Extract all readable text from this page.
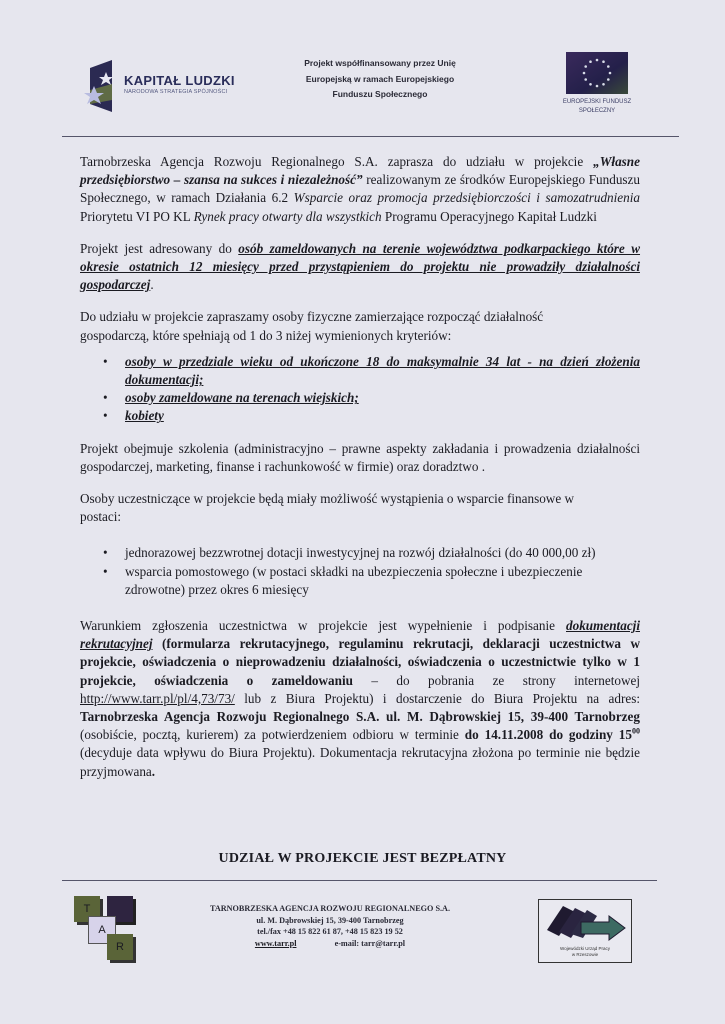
KAPITAŁ LUDZKI
NARODOWA STRATEGIA SPÓJNOŚCI
Projekt współfinansowany przez Unię
Europejską w ramach Europejskiego
Funduszu Społecznego
EUROPEJSKI FUNDUSZ
SPOŁECZNY

Tarnobrzeska Agencja Rozwoju Regionalnego S.A. zaprasza do udziału w projekcie „Własne przedsiębiorstwo – szansa na sukces i niezależność” realizowanym ze środków Europejskiego Funduszu Społecznego, w ramach Działania 6.2 Wsparcie oraz promocja przedsiębiorczości i samozatrudnienia Priorytetu VI PO KL Rynek pracy otwarty dla wszystkich Programu Operacyjnego Kapitał Ludzki

Projekt jest adresowany do osób zameldowanych na terenie województwa podkarpackiego które w okresie ostatnich 12 miesięcy przed przystąpieniem do projektu nie prowadziły działalności gospodarczej.

Do udziału w projekcie zapraszamy osoby fizyczne zamierzające rozpocząć działalność
gospodarczą, które spełniają od 1 do 3 niżej wymienionych kryteriów:

• osoby w przedziale wieku od ukończone 18 do maksymalnie 34 lat - na dzień złożenia dokumentacji;
• osoby zameldowane na terenach wiejskich;
• kobiety

Projekt obejmuje szkolenia (administracyjno – prawne aspekty zakładania i prowadzenia działalności gospodarczej, marketing, finanse i rachunkowość w firmie) oraz doradztwo .

Osoby uczestniczące w projekcie będą miały możliwość wystąpienia o wsparcie finansowe w
postaci:

• jednorazowej bezzwrotnej dotacji inwestycyjnej na rozwój działalności (do 40 000,00 zł)
• wsparcia pomostowego (w postaci składki na ubezpieczenia społeczne i ubezpieczenie zdrowotne) przez okres 6 miesięcy

Warunkiem zgłoszenia uczestnictwa w projekcie jest wypełnienie i podpisanie dokumentacji rekrutacyjnej (formularza rekrutacyjnego, regulaminu rekrutacji, deklaracji uczestnictwa w projekcie, oświadczenia o nieprowadzeniu działalności, oświadczenia o uczestnictwie tylko w 1 projekcie, oświadczenia o zameldowaniu – do pobrania ze strony internetowej http://www.tarr.pl/pl/4,73/73/ lub z Biura Projektu) i dostarczenie do Biura Projektu na adres: Tarnobrzeska Agencja Rozwoju Regionalnego S.A. ul. M. Dąbrowskiej 15, 39-400 Tarnobrzeg (osobiście, pocztą, kurierem) za potwierdzeniem odbioru w terminie do 14.11.2008 do godziny $15^{00}$ (decyduje data wpływu do Biura Projektu). Dokumentacja rekrutacyjna złożona po terminie nie będzie przyjmowana.

UDZIAŁ W PROJEKCIE JEST BEZPŁATNY
T
A
R
TARNOBRZESKA AGENCJA ROZWOJU REGIONALNEGO S.A.
ul. M. Dąbrowskiej 15, 39-400 Tarnobrzeg
tel./fax +48 15 822 61 87, +48 15 823 19 52
www.tarr.pl	e-mail: tarr@tarr.pl
Wojewódzki Urząd Pracy
w Rzeszowie
